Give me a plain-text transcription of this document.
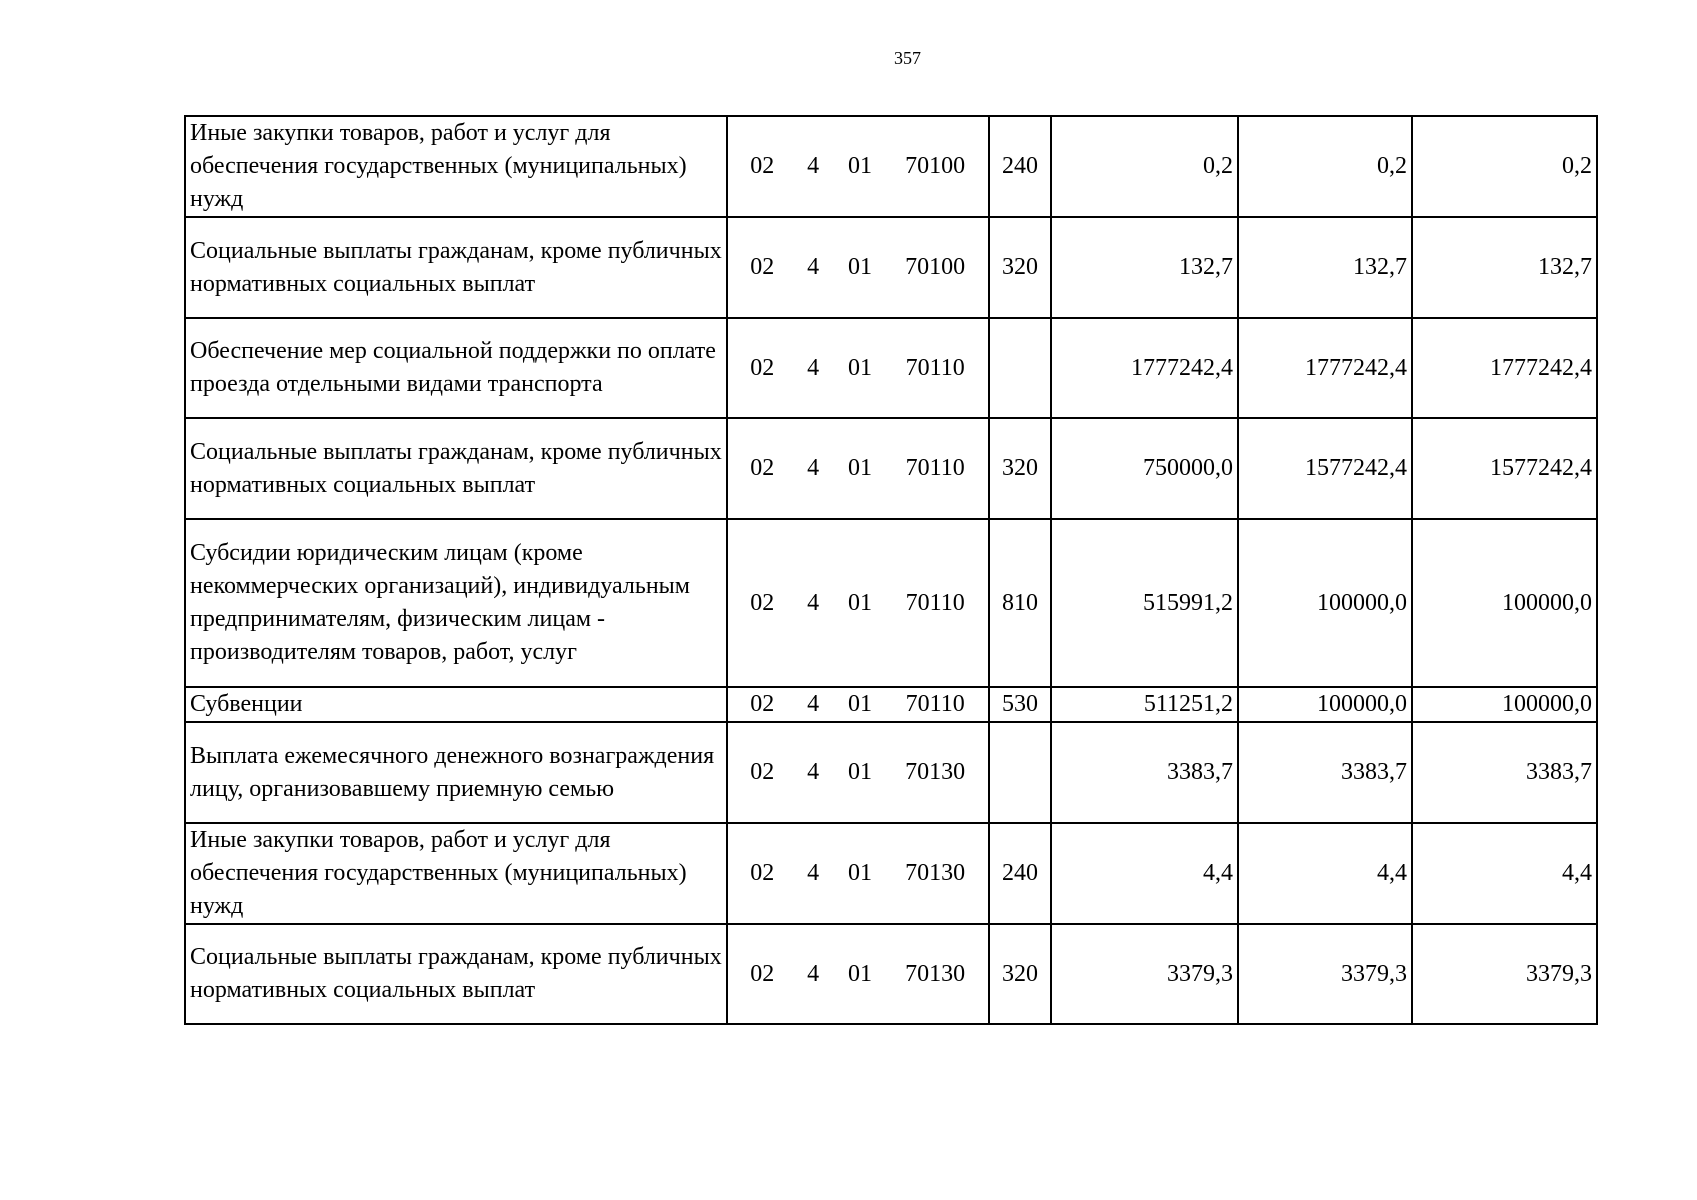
357
Иные закупки товаров, работ и услуг для обеспечения государственных (муниципальных) нужд	02 4 01 70100	240	0,2	0,2	0,2
Социальные выплаты гражданам, кроме публичных нормативных социальных выплат	02 4 01 70100	320	132,7	132,7	132,7
Обеспечение мер социальной поддержки по оплате проезда отдельными видами транспорта	02 4 01 70110		1777242,4	1777242,4	1777242,4
Социальные выплаты гражданам, кроме публичных нормативных социальных выплат	02 4 01 70110	320	750000,0	1577242,4	1577242,4
Субсидии юридическим лицам (кроме некоммерческих организаций), индивидуальным предпринимателям, физическим лицам - производителям товаров, работ, услуг	02 4 01 70110	810	515991,2	100000,0	100000,0
Субвенции	02 4 01 70110	530	511251,2	100000,0	100000,0
Выплата ежемесячного денежного вознаграждения лицу, организовавшему приемную семью	02 4 01 70130		3383,7	3383,7	3383,7
Иные закупки товаров, работ и услуг для обеспечения государственных (муниципальных) нужд	02 4 01 70130	240	4,4	4,4	4,4
Социальные выплаты гражданам, кроме публичных нормативных социальных выплат	02 4 01 70130	320	3379,3	3379,3	3379,3
